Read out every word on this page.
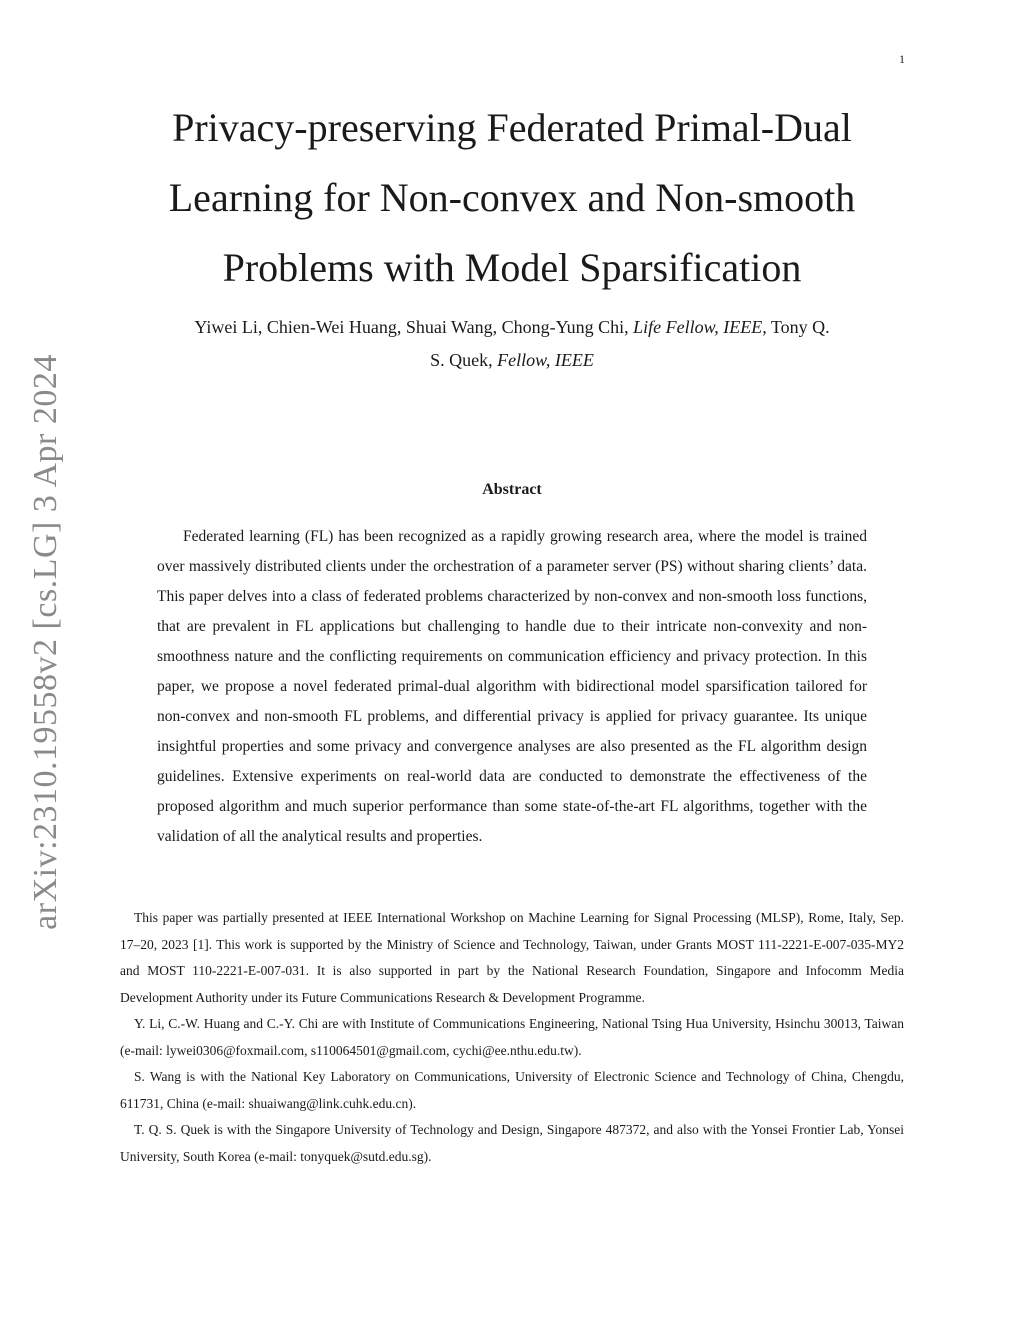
1
arXiv:2310.19558v2 [cs.LG] 3 Apr 2024
Privacy-preserving Federated Primal-Dual
Learning for Non-convex and Non-smooth
Problems with Model Sparsification
Yiwei Li, Chien-Wei Huang, Shuai Wang, Chong-Yung Chi, Life Fellow, IEEE, Tony Q.
S. Quek, Fellow, IEEE
Abstract

Federated learning (FL) has been recognized as a rapidly growing research area, where the model is trained over massively distributed clients under the orchestration of a parameter server (PS) without sharing clients’ data. This paper delves into a class of federated problems characterized by non-convex and non-smooth loss functions, that are prevalent in FL applications but challenging to handle due to their intricate non-convexity and non-smoothness nature and the conflicting requirements on communication efficiency and privacy protection. In this paper, we propose a novel federated primal-dual algorithm with bidirectional model sparsification tailored for non-convex and non-smooth FL problems, and differential privacy is applied for privacy guarantee. Its unique insightful properties and some privacy and convergence analyses are also presented as the FL algorithm design guidelines. Extensive experiments on real-world data are conducted to demonstrate the effectiveness of the proposed algorithm and much superior performance than some state-of-the-art FL algorithms, together with the validation of all the analytical results and properties.

This paper was partially presented at IEEE International Workshop on Machine Learning for Signal Processing (MLSP), Rome, Italy, Sep. 17–20, 2023 [1]. This work is supported by the Ministry of Science and Technology, Taiwan, under Grants MOST 111-2221-E-007-035-MY2 and MOST 110-2221-E-007-031. It is also supported in part by the National Research Foundation, Singapore and Infocomm Media Development Authority under its Future Communications Research & Development Programme.

Y. Li, C.-W. Huang and C.-Y. Chi are with Institute of Communications Engineering, National Tsing Hua University, Hsinchu 30013, Taiwan (e-mail: lywei0306@foxmail.com, s110064501@gmail.com, cychi@ee.nthu.edu.tw).

S. Wang is with the National Key Laboratory on Communications, University of Electronic Science and Technology of China, Chengdu, 611731, China (e-mail: shuaiwang@link.cuhk.edu.cn).

T. Q. S. Quek is with the Singapore University of Technology and Design, Singapore 487372, and also with the Yonsei Frontier Lab, Yonsei University, South Korea (e-mail: tonyquek@sutd.edu.sg).
